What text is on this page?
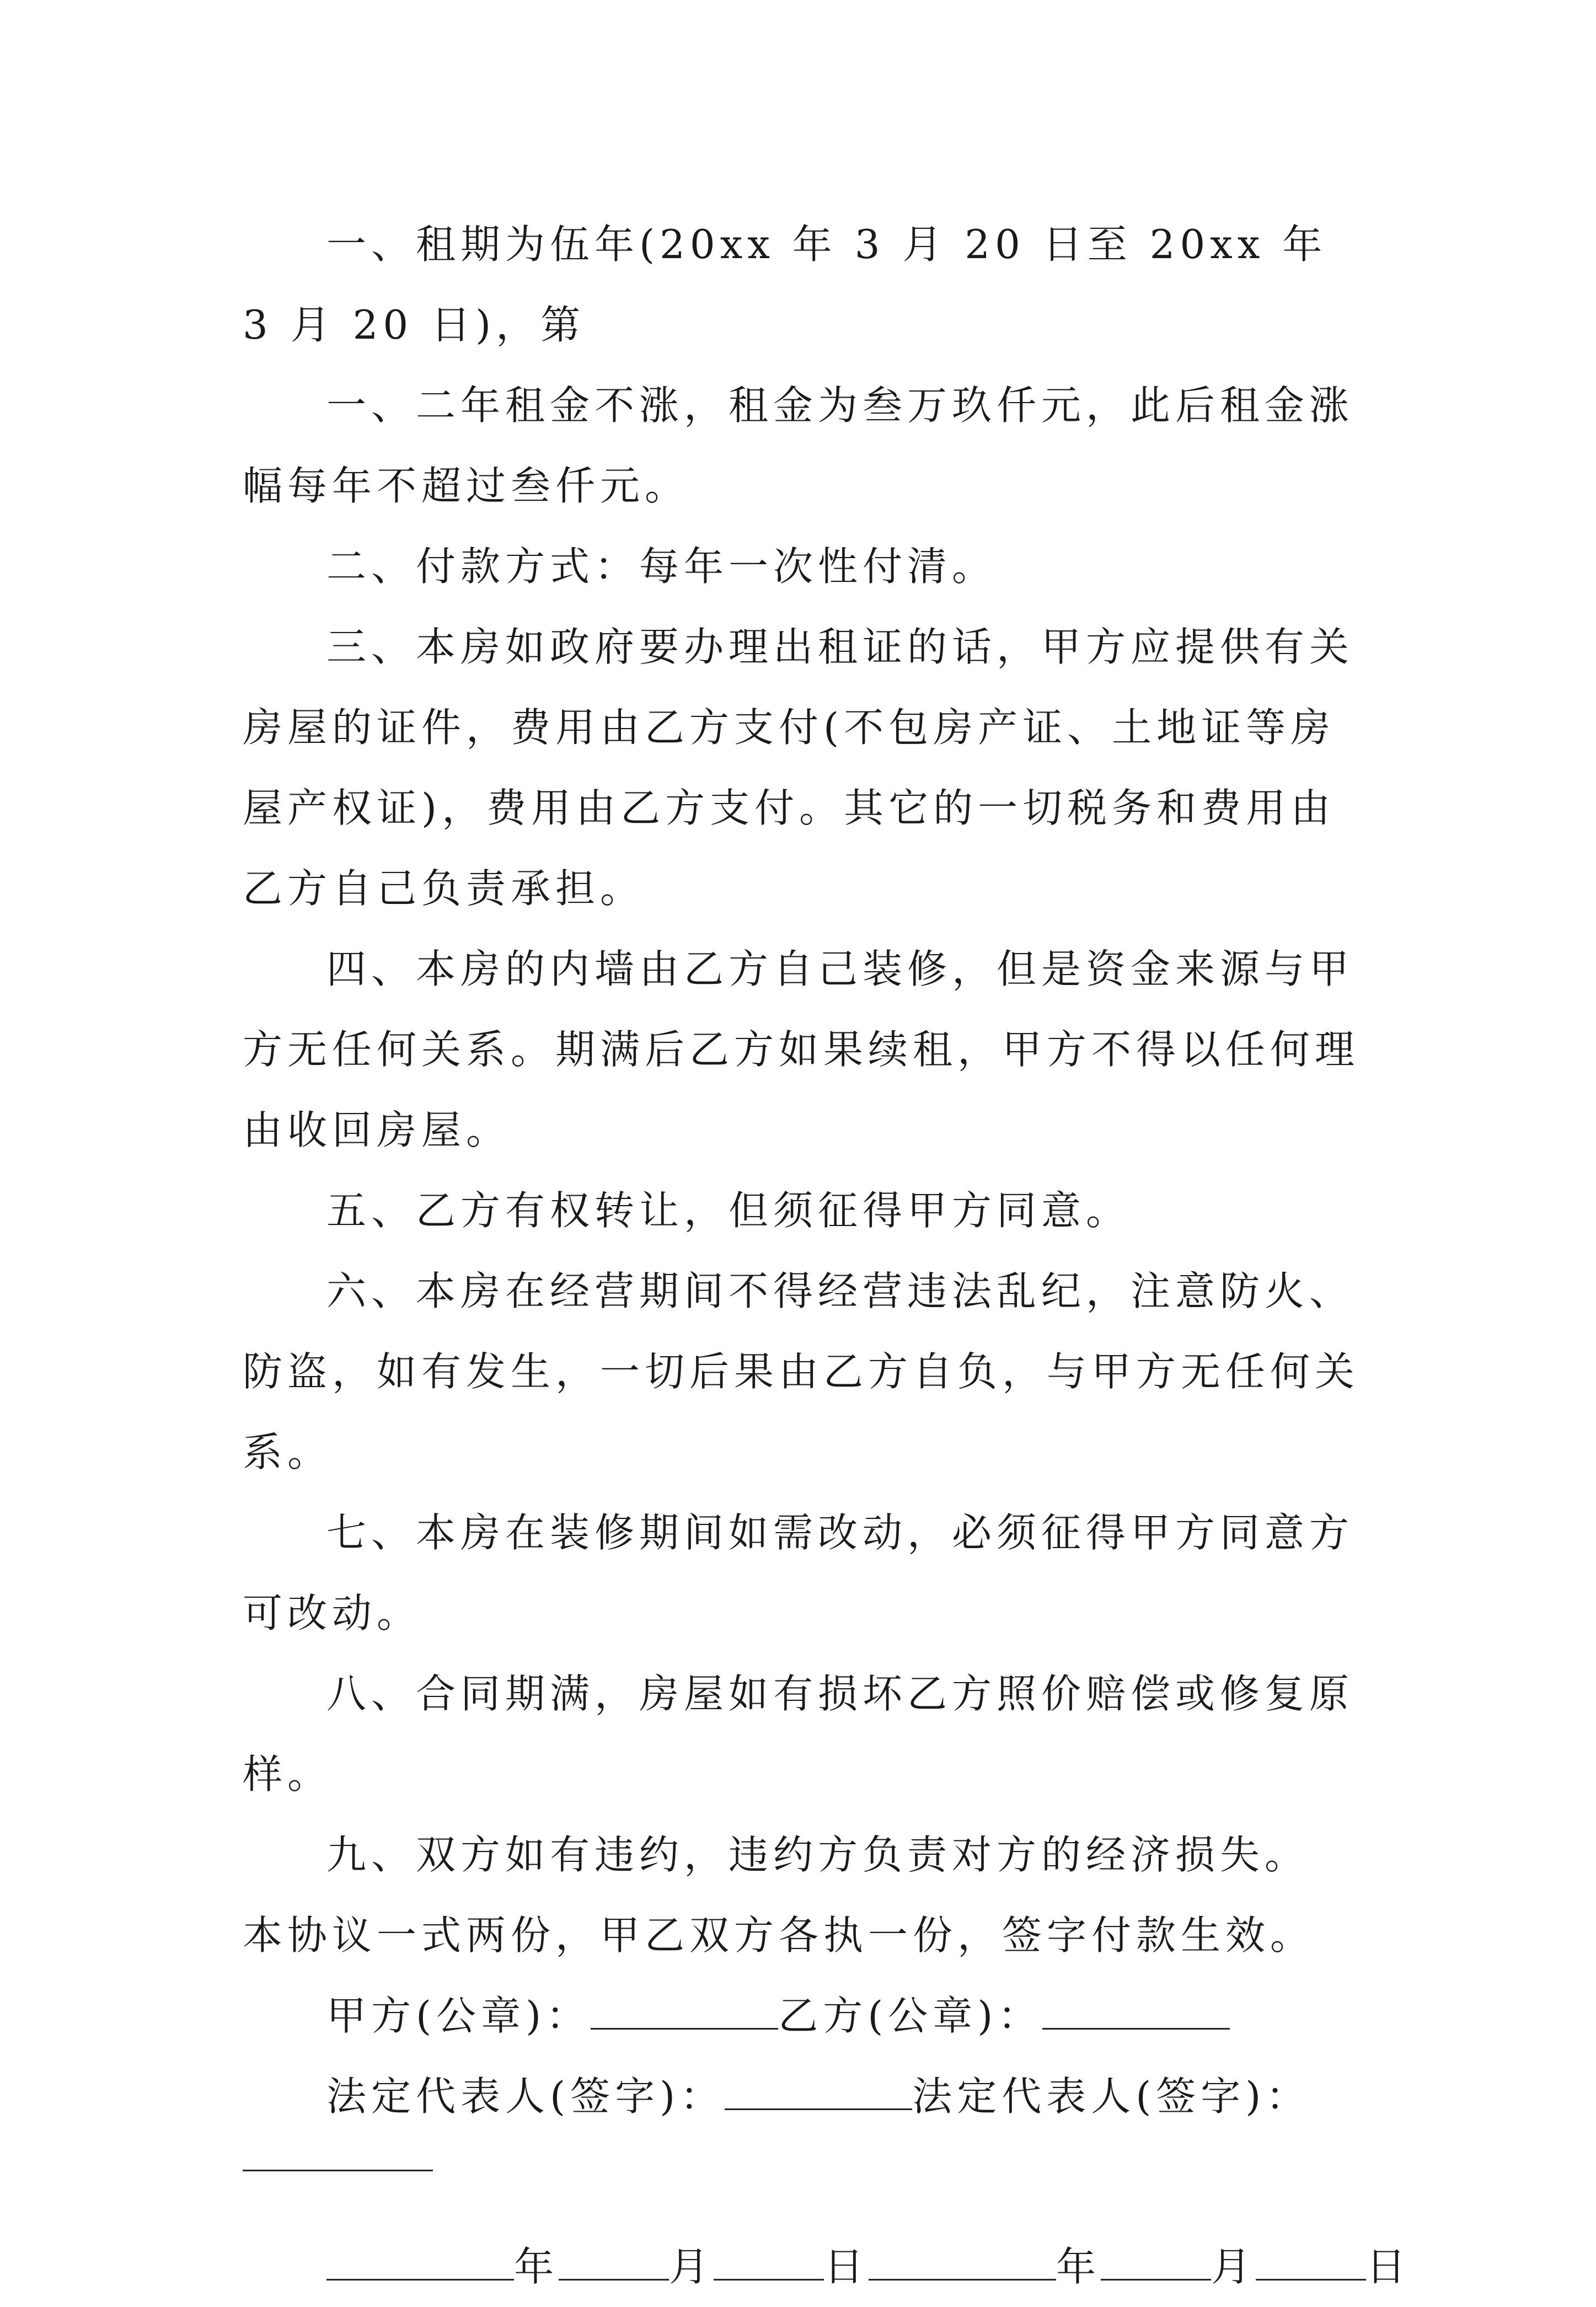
一、租期为伍年(20xx 年 3 月 20 日至 20xx 年 3 月 20 日)，第

一、二年租金不涨，租金为叁万玖仟元，此后租金涨幅每年不超过叁仟元。

二、付款方式：每年一次性付清。

三、本房如政府要办理出租证的话，甲方应提供有关房屋的证件，费用由乙方支付(不包房产证、土地证等房屋产权证)，费用由乙方支付。其它的一切税务和费用由乙方自己负责承担。

四、本房的内墙由乙方自己装修，但是资金来源与甲方无任何关系。期满后乙方如果续租，甲方不得以任何理由收回房屋。

五、乙方有权转让，但须征得甲方同意。

六、本房在经营期间不得经营违法乱纪，注意防火、防盗，如有发生，一切后果由乙方自负，与甲方无任何关系。

七、本房在装修期间如需改动，必须征得甲方同意方可改动。

八、合同期满，房屋如有损坏乙方照价赔偿或修复原样。

九、双方如有违约，违约方负责对方的经济损失。 本协议一式两份，甲乙双方各执一份，签字付款生效。

甲方(公章)：	乙方(公章)：

法定代表人(签字)：	法定代表人(签字)：

年	月	日	年	月	日
